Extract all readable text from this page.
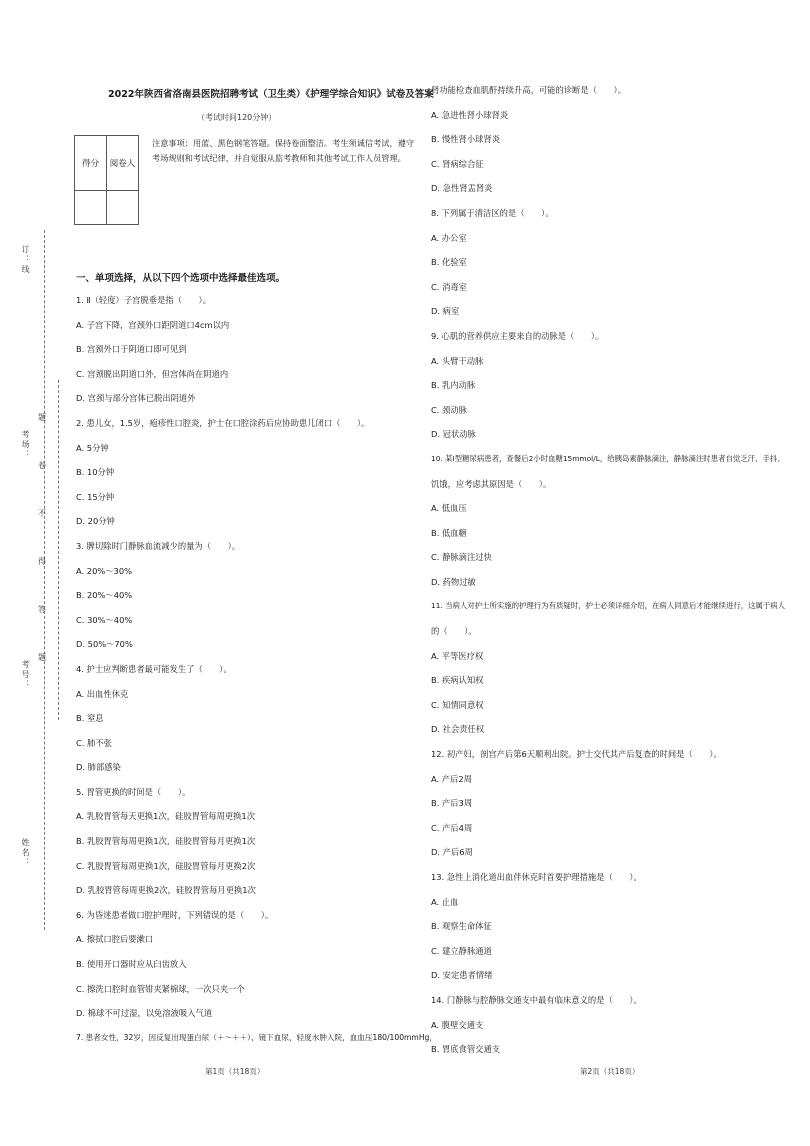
订：线
考场：
考号：
姓名：
题
卷
不
得
答
题
2022年陕西省洛南县医院招聘考试（卫生类）《护理学综合知识》试卷及答案
（考试时间120分钟）
得分	阅卷人

注意事项：用蓝、黑色钢笔答题。保持卷面整洁。考生须诚信考试，遵守考场规则和考试纪律，并自觉服从监考教师和其他考试工作人员管理。
一、单项选择，从以下四个选项中选择最佳选项。
1. Ⅱ（轻度）子宫脱垂是指（　　）。
A. 子宫下降，宫颈外口距阴道口4cm以内
B. 宫颈外口于阴道口即可见到
C. 宫颈脱出阴道口外，但宫体尚在阴道内
D. 宫颈与部分宫体已脱出阴道外
2. 患儿女，1.5岁，疱疹性口腔炎，护士在口腔涂药后应协助患儿闭口（　　）。
A. 5分钟
B. 10分钟
C. 15分钟
D. 20分钟
3. 脾切除时门静脉血流减少的量为（　　）。
A. 20%～30%
B. 20%～40%
C. 30%～40%
D. 50%～70%
4. 护士应判断患者最可能发生了（　　）。
A. 出血性休克
B. 窒息
C. 肺不张
D. 肺部感染
5. 胃管更换的时间是（　　）。
A. 乳胶胃管每天更换1次，硅胶胃管每周更换1次
B. 乳胶胃管每周更换1次，硅胶胃管每月更换1次
C. 乳胶胃管每周更换1次，硅胶胃管每月更换2次
D. 乳胶胃管每周更换2次，硅胶胃管每月更换1次
6. 为昏迷患者做口腔护理时，下列错误的是（　　）。
A. 擦拭口腔后要漱口
B. 使用开口器时应从臼齿放入
C. 擦洗口腔时血管钳夹紧棉球，一次只夹一个
D. 棉球不可过湿，以免溶液吸入气道
7. 患者女性，32岁，因反复出现蛋白尿（＋～＋＋）、镜下血尿，轻度水肿入院，血血压180/100mmHg，
肾功能检查血肌酐持续升高，可能的诊断是（　　）。
A. 急进性肾小球肾炎
B. 慢性肾小球肾炎
C. 肾病综合征
D. 急性肾盂肾炎
8. 下列属于清洁区的是（　　）。
A. 办公室
B. 化验室
C. 消毒室
D. 病室
9. 心肌的营养供应主要来自的动脉是（　　）。
A. 头臂干动脉
B. 乳内动脉
C. 颈动脉
D. 冠状动脉
10. 某Ⅰ型糖尿病患者，查餐后2小时血糖15mmol/L，给胰岛素静脉滴注，静脉滴注时患者自觉乏汗、手抖、
饥饿，应考虑其原因是（　　）。
A. 低血压
B. 低血糖
C. 静脉滴注过快
D. 药物过敏
11. 当病人对护士所实施的护理行为有质疑时，护士必须详细介绍，在病人同意后才能继续进行，这属于病人
的（　　）。
A. 平等医疗权
B. 疾病认知权
C. 知情同意权
D. 社会责任权
12. 初产妇，剖宫产后第6天顺利出院。护士交代其产后复查的时间是（　　）。
A. 产后2周
B. 产后3周
C. 产后4周
D. 产后6周
13. 急性上消化道出血伴休克时首要护理措施是（　　）。
A. 止血
B. 观察生命体征
C. 建立静脉通道
D. 安定患者情绪
14. 门静脉与腔静脉交通支中最有临床意义的是（　　）。
A. 腹壁交通支
B. 胃底食管交通支
第1页（共18页）	第2页（共18页）
